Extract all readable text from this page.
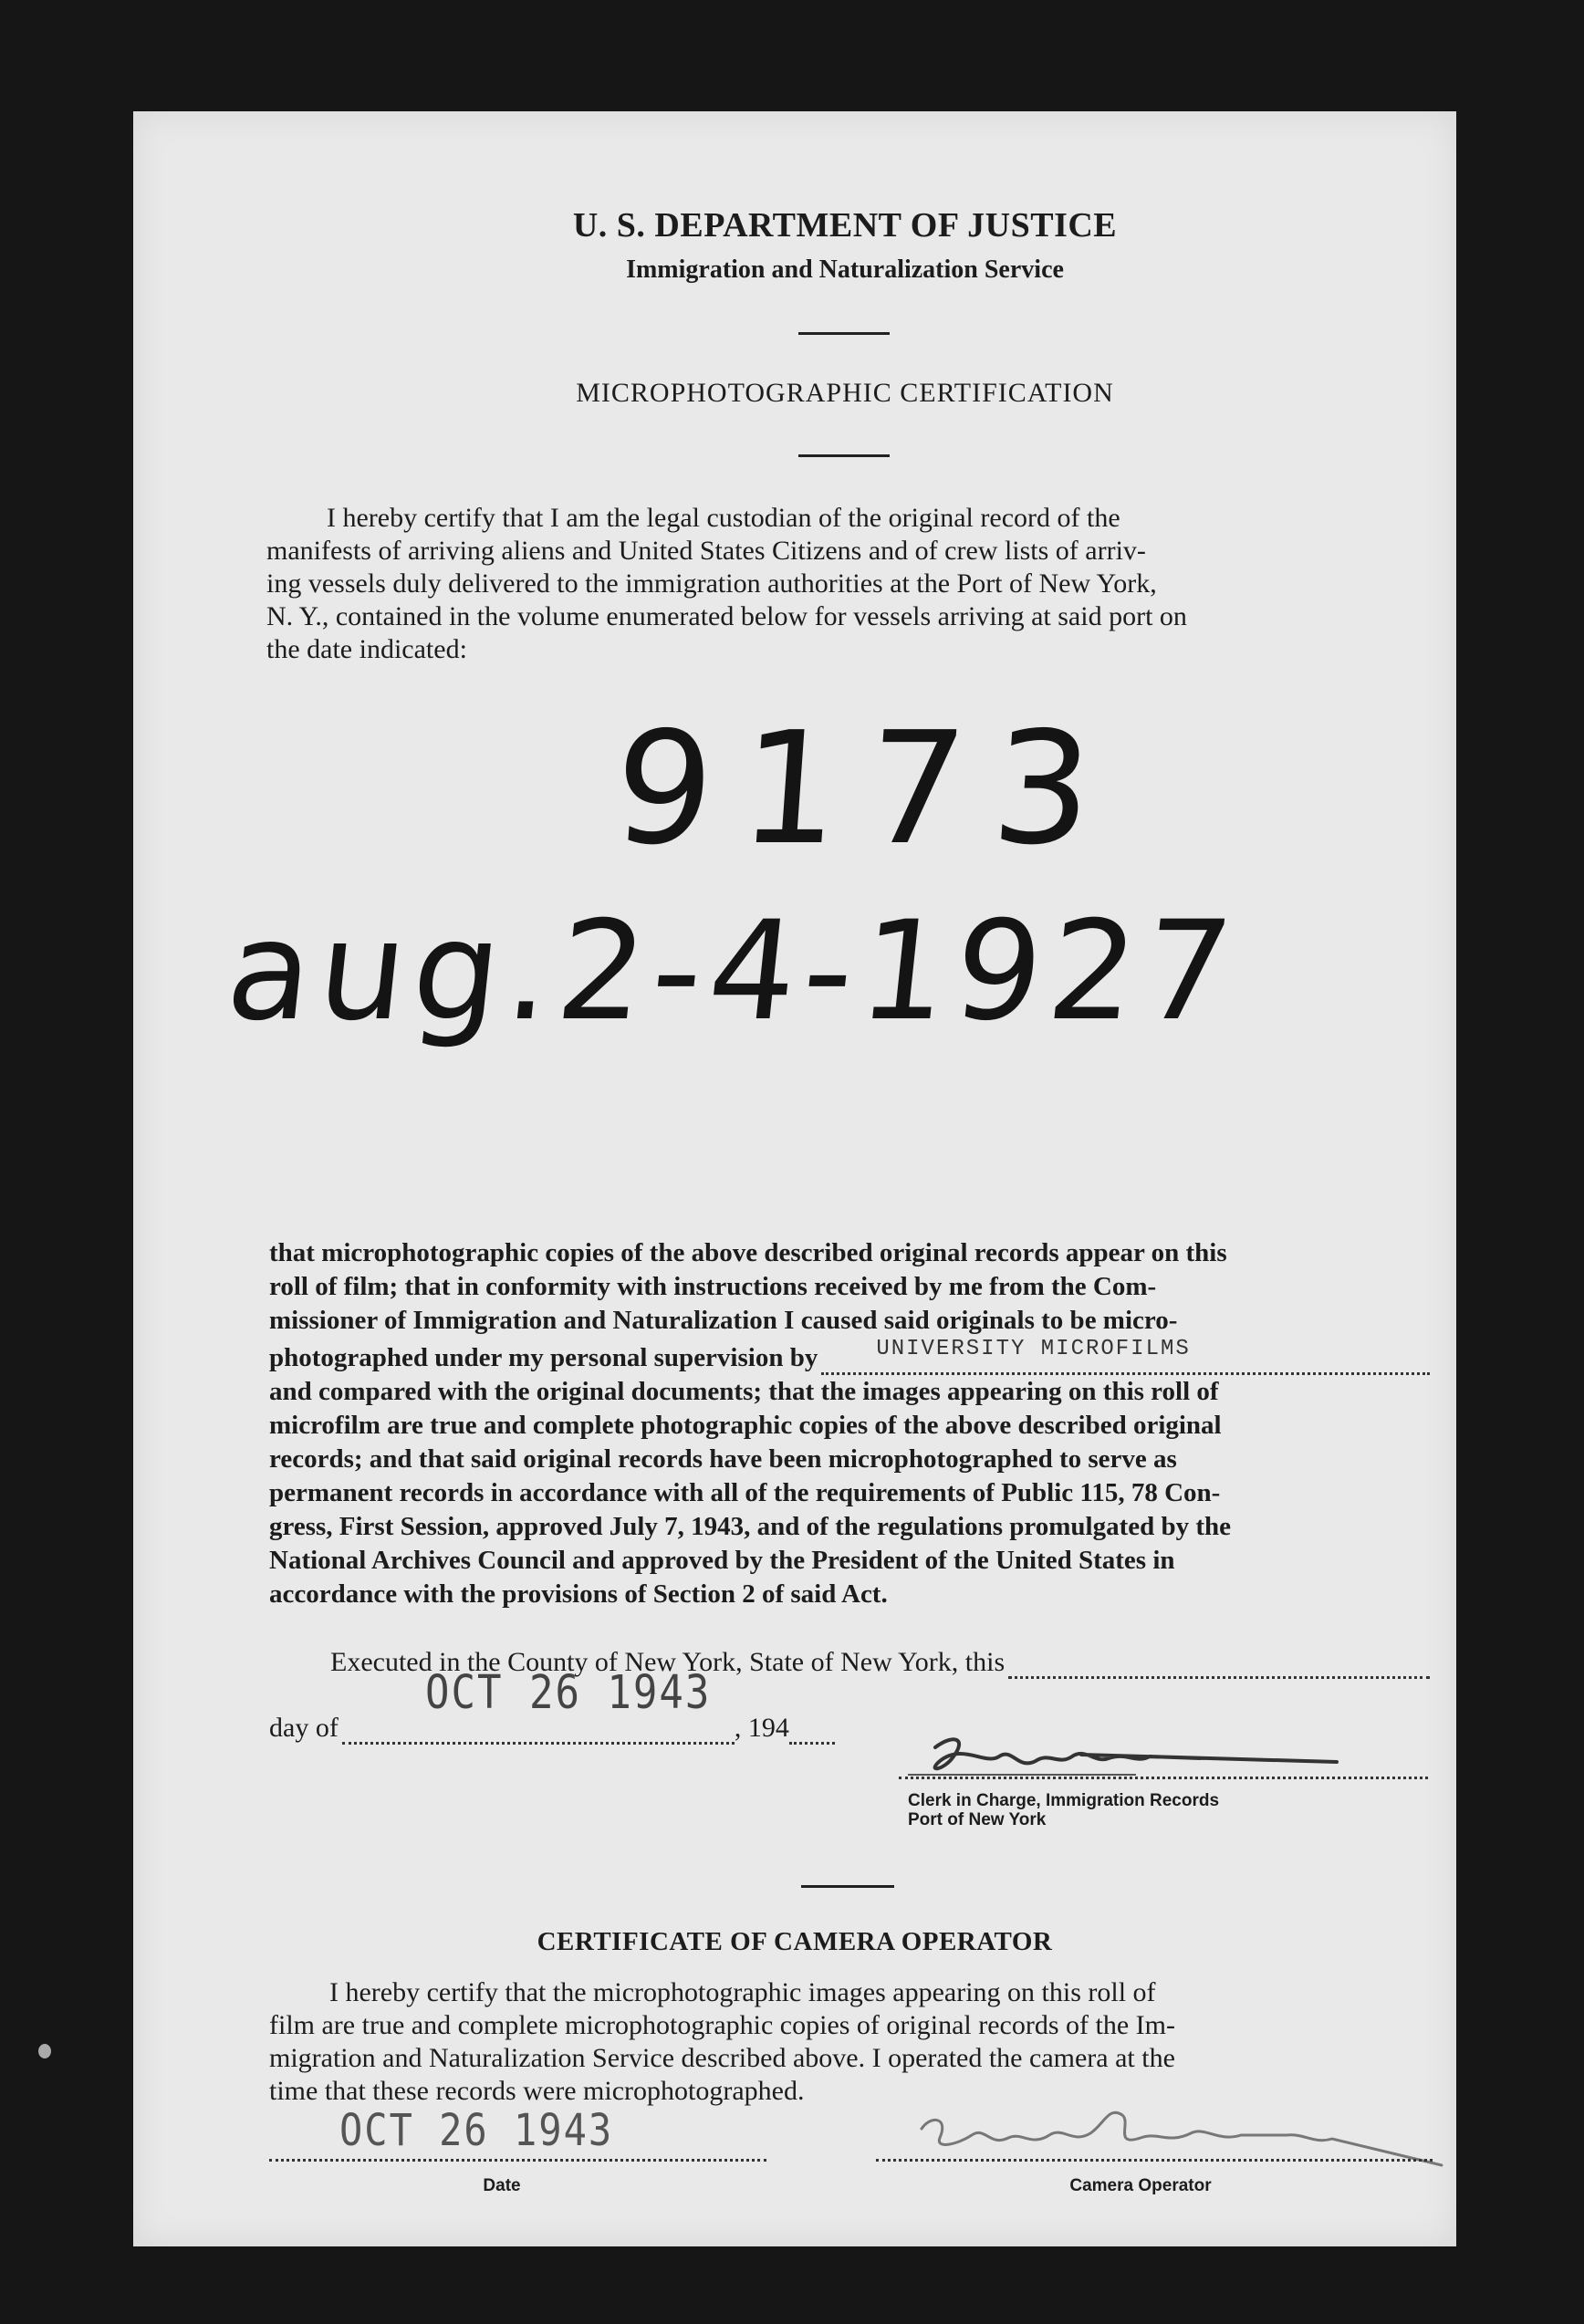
U. S. DEPARTMENT OF JUSTICE
Immigration and Naturalization Service
MICROPHOTOGRAPHIC CERTIFICATION
I hereby certify that I am the legal custodian of the original record of the
manifests of arriving aliens and United States Citizens and of crew lists of arriv-
ing vessels duly delivered to the immigration authorities at the Port of New York,
N. Y., contained in the volume enumerated below for vessels arriving at said port on
the date indicated:
9173
aug.2-4-1927
that microphotographic copies of the above described original records appear on this
roll of film; that in conformity with instructions received by me from the Com-
missioner of Immigration and Naturalization I caused said originals to be micro-
photographed under my personal supervision by	UNIVERSITY MICROFILMS
and compared with the original documents; that the images appearing on this roll of
microfilm are true and complete photographic copies of the above described original
records; and that said original records have been microphotographed to serve as
permanent records in accordance with all of the requirements of Public 115, 78 Con-
gress, First Session, approved July 7, 1943, and of the regulations promulgated by the
National Archives Council and approved by the President of the United States in
accordance with the provisions of Section 2 of said Act.
Executed in the County of New York, State of New York, this
OCT 26 1943
day of	, 194
Clerk in Charge, Immigration Records
Port of New York
CERTIFICATE OF CAMERA OPERATOR
I hereby certify that the microphotographic images appearing on this roll of
film are true and complete microphotographic copies of original records of the Im-
migration and Naturalization Service described above. I operated the camera at the
time that these records were microphotographed.
OCT 26 1943
Date	Camera Operator
